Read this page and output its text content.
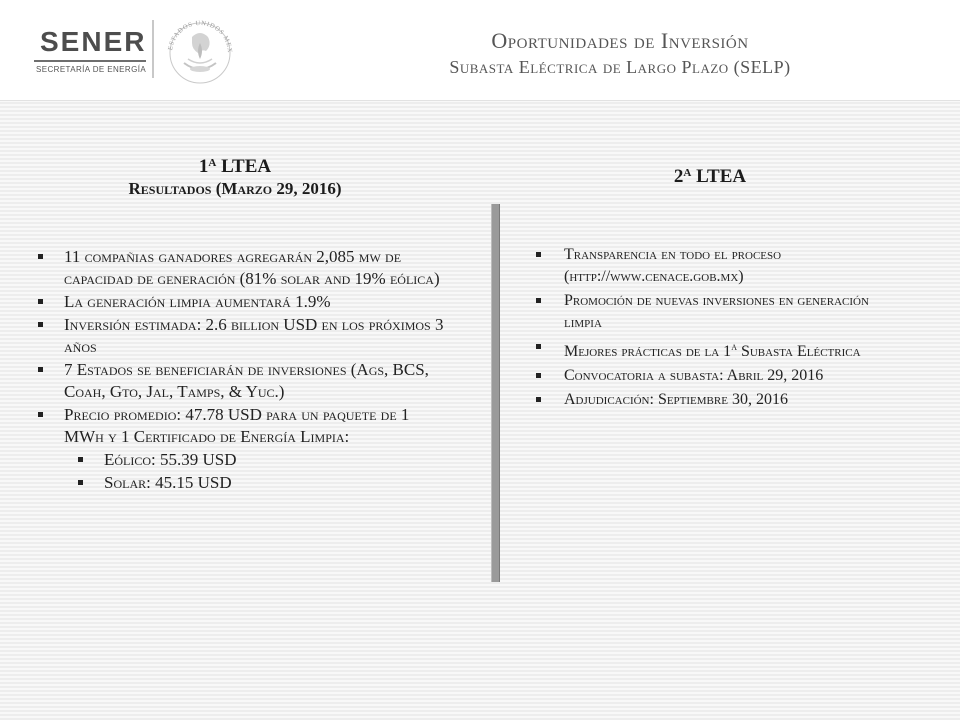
SENER
SECRETARÍA DE ENERGÍA
ESTADOS UNIDOS MEX	Oportunidades de Inversión
Subasta Eléctrica de Largo Plazo (SELP)
$1^A$ LTEA
Resultados (Marzo 29, 2016)
$2^A$ LTEA
11 compañias ganadores agregarán 2,085 mw de capacidad de generación (81% solar and 19% eólica)
La generación limpia aumentará 1.9%
Inversión estimada: 2.6 billion USD en los próximos 3 años
7 Estados se beneficiarán de inversiones (Ags, BCS, Coah, Gto, Jal, Tamps, & Yuc.)
Precio promedio: 47.78 USD para un paquete de 1 MWh y 1 Certificado de Energía Limpia:
Eólico: 55.39 USD
Solar: 45.15 USD
Transparencia en todo el proceso (http://www.cenace.gob.mx)
Promoción de nuevas inversiones en generación limpia
Mejores prácticas de la 1$^a$ Subasta Eléctrica
Convocatoria a subasta: Abril 29, 2016
Adjudicación: Septiembre 30, 2016
